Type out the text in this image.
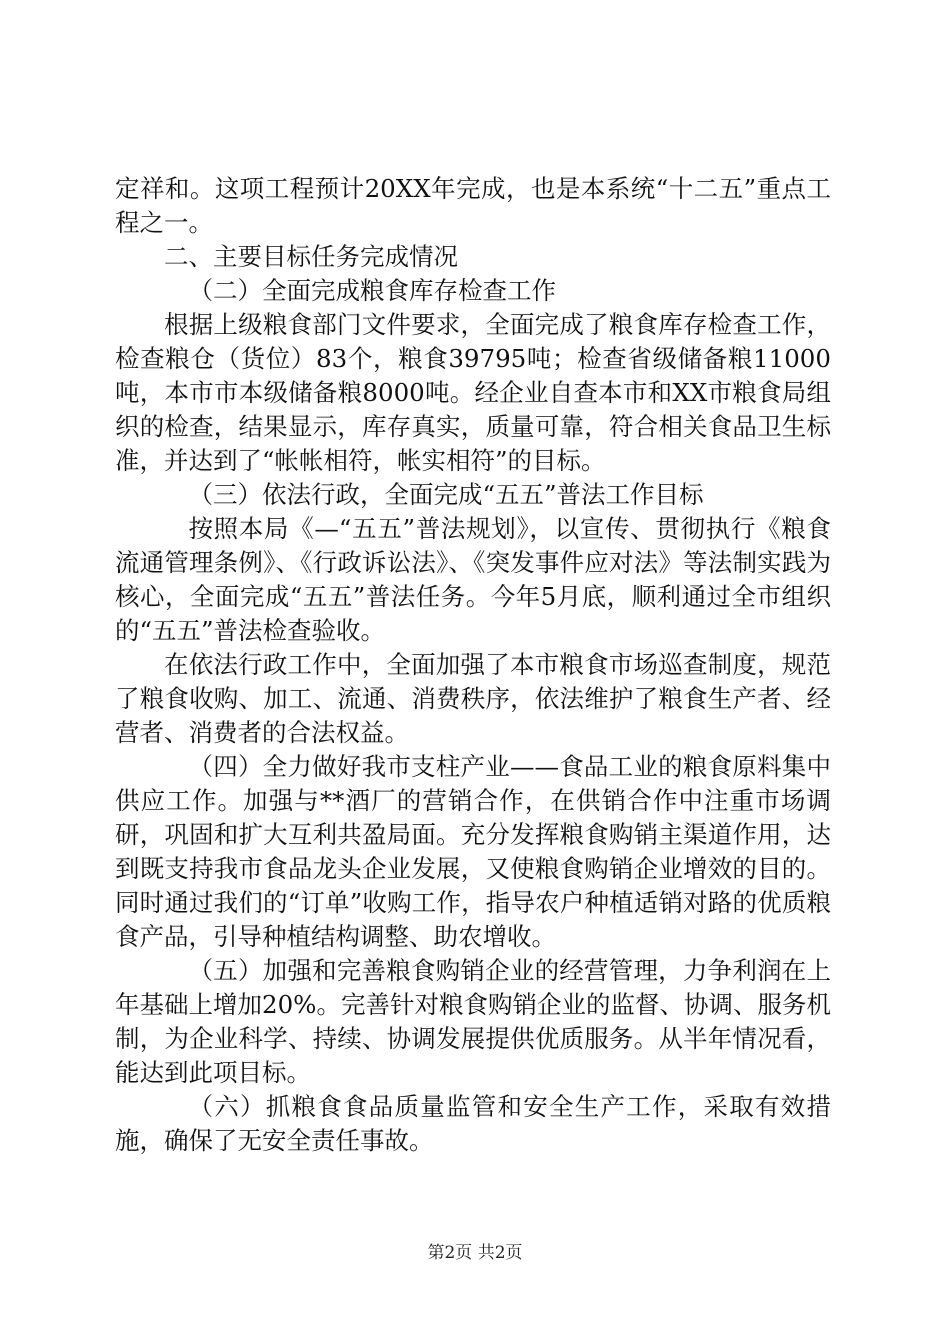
定祥和。这项工程预计20XX年完成，也是本系统“十二五”重点工程之一。

二、主要目标任务完成情况

（二）全面完成粮食库存检查工作

根据上级粮食部门文件要求，全面完成了粮食库存检查工作，检查粮仓（货位）83个，粮食39795吨；检查省级储备粮11000吨，本市市本级储备粮8000吨。经企业自查本市和XX市粮食局组织的检查，结果显示，库存真实，质量可靠，符合相关食品卫生标准，并达到了“帐帐相符，帐实相符”的目标。

（三）依法行政，全面完成“五五”普法工作目标

按照本局《—“五五”普法规划》，以宣传、贯彻执行《粮食流通管理条例》、《行政诉讼法》、《突发事件应对法》等法制实践为核心，全面完成“五五”普法任务。今年5月底，顺利通过全市组织的“五五”普法检查验收。

在依法行政工作中，全面加强了本市粮食市场巡查制度，规范了粮食收购、加工、流通、消费秩序，依法维护了粮食生产者、经营者、消费者的合法权益。

（四）全力做好我市支柱产业——食品工业的粮食原料集中供应工作。加强与**酒厂的营销合作，在供销合作中注重市场调研，巩固和扩大互利共盈局面。充分发挥粮食购销主渠道作用，达到既支持我市食品龙头企业发展，又使粮食购销企业增效的目的。同时通过我们的“订单”收购工作，指导农户种植适销对路的优质粮食产品，引导种植结构调整、助农增收。

（五）加强和完善粮食购销企业的经营管理，力争利润在上年基础上增加20%。完善针对粮食购销企业的监督、协调、服务机制，为企业科学、持续、协调发展提供优质服务。从半年情况看，能达到此项目标。

（六）抓粮食食品质量监管和安全生产工作，采取有效措施，确保了无安全责任事故。

第2页 共2页
